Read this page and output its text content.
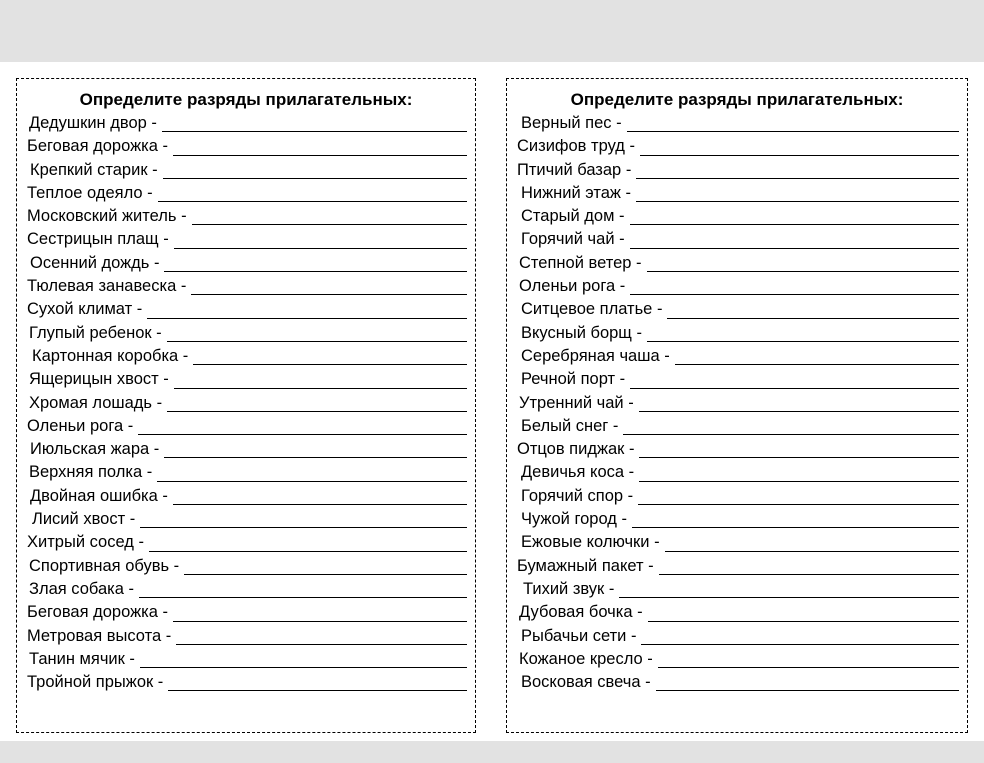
Определите разряды прилагательных:
Дедушкин двор -
Беговая дорожка -
Крепкий старик -
Теплое одеяло -
Московский житель -
Сестрицын плащ -
Осенний дождь -
Тюлевая занавеска -
Сухой климат -
Глупый ребенок -
Картонная коробка -
Ящерицын хвост -
Хромая лошадь -
Оленьи рога -
Июльская жара -
Верхняя полка -
Двойная ошибка -
Лисий хвост -
Хитрый сосед -
Спортивная обувь -
Злая собака -
Беговая дорожка -
Метровая высота -
Танин мячик -
Тройной прыжок -
Определите разряды прилагательных:
Верный пес -
Сизифов труд -
Птичий базар -
Нижний этаж -
Старый дом -
Горячий чай -
Степной ветер -
Оленьи рога -
Ситцевое платье -
Вкусный борщ -
Серебряная чаша -
Речной порт -
Утренний чай -
Белый снег -
Отцов пиджак -
Девичья коса -
Горячий спор -
Чужой город -
Ежовые колючки -
Бумажный пакет -
Тихий звук -
Дубовая бочка -
Рыбачьи сети -
Кожаное кресло -
Восковая свеча -
